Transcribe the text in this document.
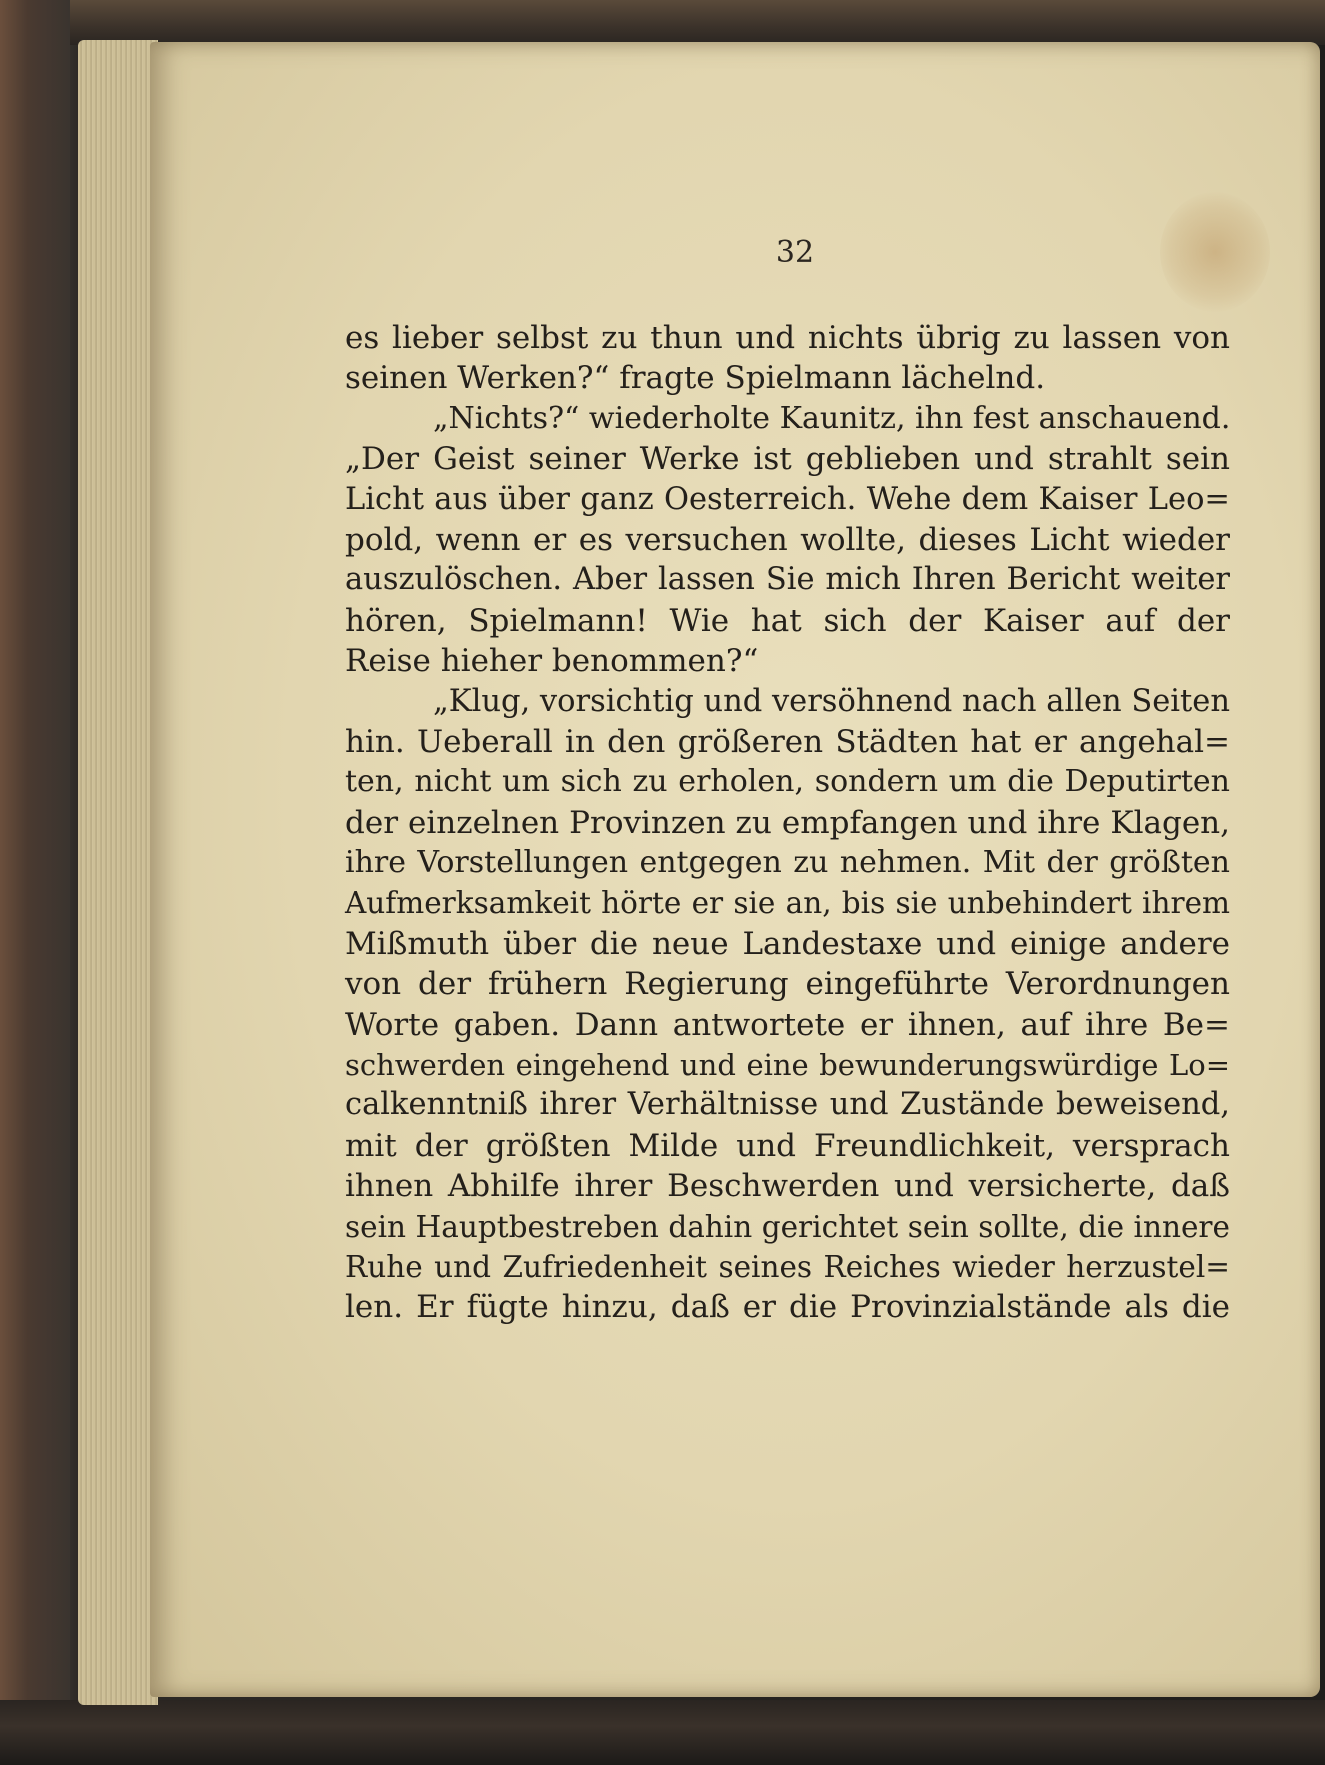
32
es lieber selbst zu thun und nichts übrig zu lassen von
seinen Werken?“ fragte Spielmann lächelnd.
„Nichts?“ wiederholte Kaunitz, ihn fest anschauend.
„Der Geist seiner Werke ist geblieben und strahlt sein
Licht aus über ganz Oesterreich. Wehe dem Kaiser Leo=
pold, wenn er es versuchen wollte, dieses Licht wieder
auszulöschen. Aber lassen Sie mich Ihren Bericht weiter
hören, Spielmann! Wie hat sich der Kaiser auf der
Reise hieher benommen?“
„Klug, vorsichtig und versöhnend nach allen Seiten
hin. Ueberall in den größeren Städten hat er angehal=
ten, nicht um sich zu erholen, sondern um die Deputirten
der einzelnen Provinzen zu empfangen und ihre Klagen,
ihre Vorstellungen entgegen zu nehmen. Mit der größten
Aufmerksamkeit hörte er sie an, bis sie unbehindert ihrem
Mißmuth über die neue Landestaxe und einige andere
von der frühern Regierung eingeführte Verordnungen
Worte gaben. Dann antwortete er ihnen, auf ihre Be=
schwerden eingehend und eine bewunderungswürdige Lo=
calkenntniß ihrer Verhältnisse und Zustände beweisend,
mit der größten Milde und Freundlichkeit, versprach
ihnen Abhilfe ihrer Beschwerden und versicherte, daß
sein Hauptbestreben dahin gerichtet sein sollte, die innere
Ruhe und Zufriedenheit seines Reiches wieder herzustel=
len. Er fügte hinzu, daß er die Provinzialstände als die
